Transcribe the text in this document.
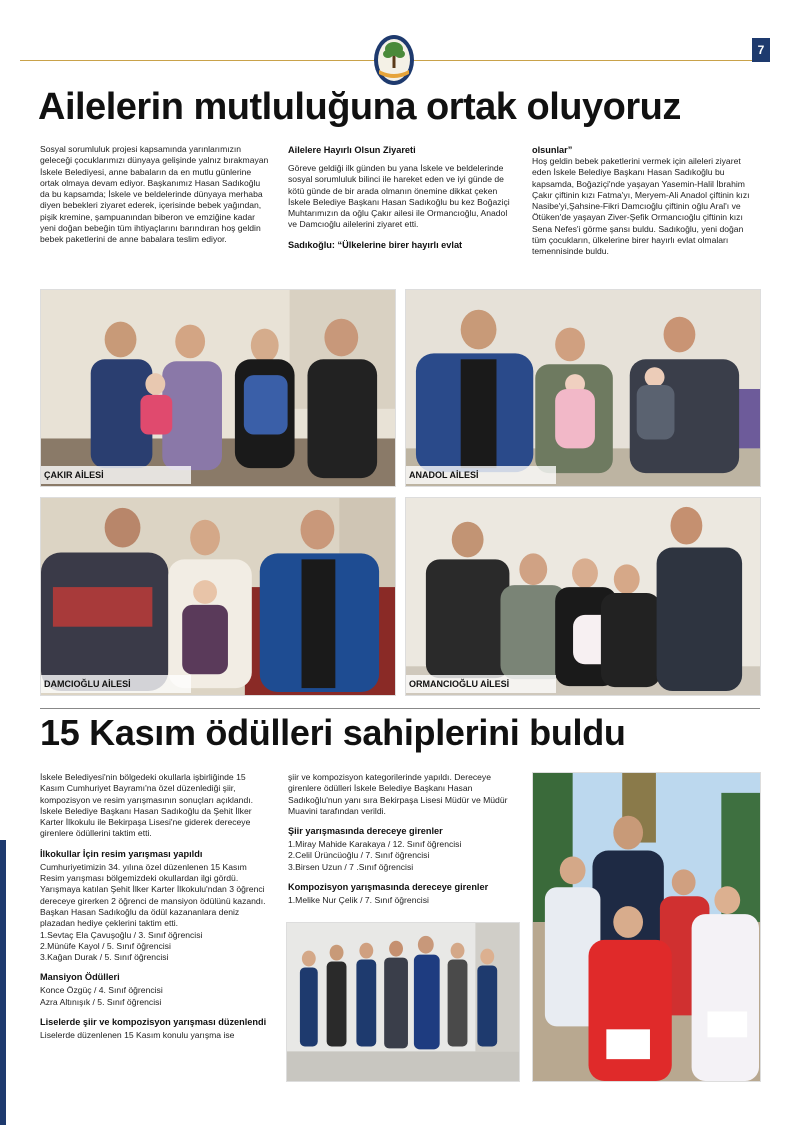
7
Ailelerin mutluluğuna ortak oluyoruz

Sosyal sorumluluk projesi kapsamında yarınlarımızın geleceği çocuklarımızı dünyaya gelişinde yalnız bırakmayan İskele Belediyesi, anne babaların da en mutlu günlerine ortak olmaya devam ediyor. Başkanımız Hasan Sadıkoğlu da bu kapsamda; İskele ve beldelerinde dünyaya merhaba diyen bebekleri ziyaret ederek, içerisinde bebek yağından, pişik kremine, şampuanından biberon ve emziğine kadar yeni doğan bebeğin tüm ihtiyaçlarını barındıran hoş geldin bebek paketlerini de anne babalara teslim ediyor.

Ailelere Hayırlı Olsun Ziyareti

Göreve geldiği ilk günden bu yana İskele ve beldelerinde sosyal sorumluluk bilinci ile hareket eden ve iyi günde de kötü günde de bir arada olmanın önemine dikkat çeken İskele Belediye Başkanı Hasan Sadıkoğlu bu kez Boğaziçi Muhtarımızın da oğlu Çakır ailesi ile Ormancıoğlu, Anadol ve Damcıoğlu ailelerini ziyaret etti.

Sadıkoğlu: “Ülkelerine birer hayırlı evlat

olsunlar”

Hoş geldin bebek paketlerini vermek için aileleri ziyaret eden İskele Belediye Başkanı Hasan Sadıkoğlu bu kapsamda, Boğaziçi'nde yaşayan Yasemin-Halil İbrahim Çakır çiftinin kızı Fatma'yı, Meryem-Ali Anadol çiftinin kızı Nasibe'yi,Şahsine-Fikri Damcıoğlu çiftinin oğlu Aral'ı ve Ötüken'de yaşayan Ziver-Şefik Ormancıoğlu çiftinin kızı Sena Nefes'i görme şansı buldu. Sadıkoğlu, yeni doğan tüm çocukların, ülkelerine birer hayırlı evlat olmaları temennisinde buldu.

ÇAKIR AİLESİ	ANADOL AİLESİ
DAMCIOĞLU AİLESİ	ORMANCIOĞLU AİLESİ
15 Kasım ödülleri sahiplerini buldu

İskele Belediyesi'nin bölgedeki okullarla işbirliğinde 15 Kasım Cumhuriyet Bayramı'na özel düzenlediği şiir, kompozisyon ve resim yarışmasının sonuçları açıklandı. İskele Belediye Başkanı Hasan Sadıkoğlu da Şehit İlker Karter İlkokulu ile Bekirpaşa Lisesi'ne giderek dereceye girenlere ödüllerini taktim etti.

İlkokullar İçin resim yarışması yapıldı

Cumhuriyetimizin 34. yılına özel düzenlenen 15 Kasım Resim yarışması bölgemizdeki okullardan ilgi gördü. Yarışmaya katılan Şehit İlker Karter İlkokulu'ndan 3 öğrenci dereceye girerken 2 öğrenci de mansiyon ödülünü kazandı. Başkan Hasan Sadıkoğlu da ödül kazananlara deniz plazadan hediye çeklerini taktim etti.

1.Sevtaç Ela Çavuşoğlu / 3. Sınıf öğrencisi

2.Münüfe Kayol / 5. Sınıf öğrencisi

3.Kağan Durak / 5. Sınıf öğrencisi

Mansiyon Ödülleri

Konce Özgüç / 4. Sınıf öğrencisi

Azra Altınışık / 5. Sınıf öğrencisi

Liselerde şiir ve kompozisyon yarışması düzenlendi

Liselerde düzenlenen 15 Kasım konulu yarışma ise

şiir ve kompozisyon kategorilerinde yapıldı. Dereceye girenlere ödülleri İskele Belediye Başkanı Hasan Sadıkoğlu'nun yanı sıra Bekirpaşa Lisesi Müdür ve Müdür Muavini tarafından verildi.

Şiir yarışmasında dereceye girenler

1.Miray Mahide Karakaya / 12. Sınıf öğrencisi

2.Celil Ürüncüoğlu / 7. Sınıf öğrencisi

3.Birsen Uzun / 7 .Sınıf öğrencisi

Kompozisyon yarışmasında dereceye girenler

1.Melike Nur Çelik / 7. Sınıf öğrencisi
